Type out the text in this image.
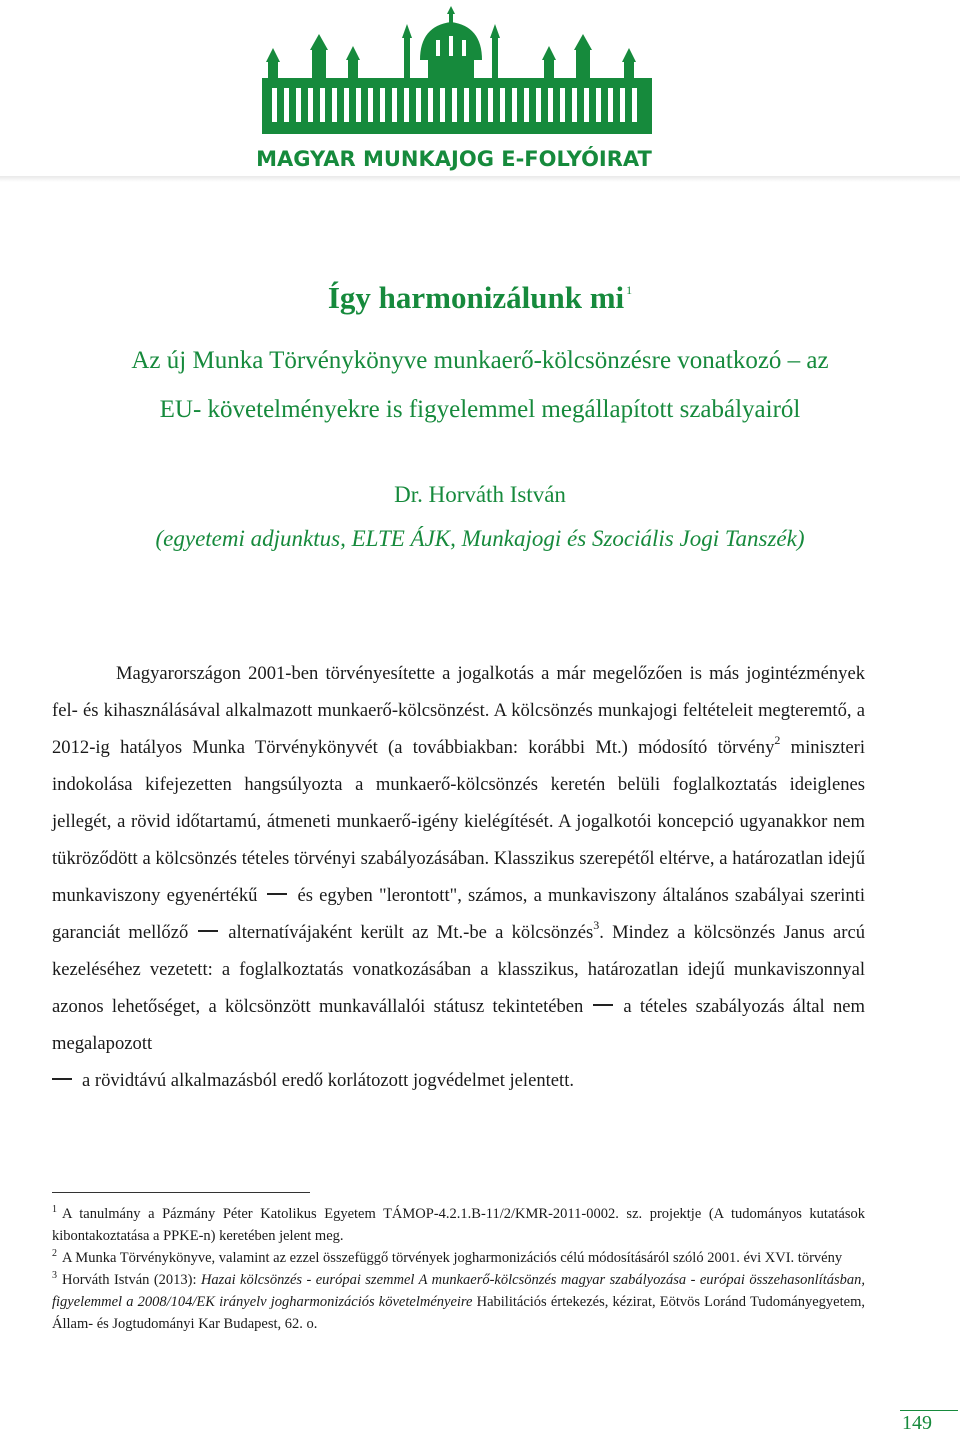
MAGYAR MUNKAJOG E-FOLYÓIRAT
Így harmonizálunk mi $^1$
Az új Munka Törvénykönyve munkaerő-kölcsönzésre vonatkozó – az
EU- követelményekre is figyelemmel megállapított szabályairól
Dr. Horváth István
(egyetemi adjunktus, ELTE ÁJK, Munkajogi és Szociális Jogi Tanszék)

Magyarországon 2001-ben törvényesítette a jogalkotás a már megelőzően is más jogintézmények fel- és kihasználásával alkalmazott munkaerő-kölcsönzést. A kölcsönzés munkajogi feltételeit megteremtő, a 2012-ig hatályos Munka Törvénykönyvét (a továbbiakban: korábbi Mt.) módosító törvény$^2$ miniszteri indokolása kifejezetten hangsúlyozta a munkaerő-kölcsönzés keretén belüli foglalkoztatás ideiglenes jellegét, a rövid időtartamú, átmeneti munkaerő-igény kielégítését. A jogalkotói koncepció ugyanakkor nem tükröződött a kölcsönzés tételes törvényi szabályozásában. Klasszikus szerepétől eltérve, a határozatlan idejű munkaviszony egyenértékű és egyben "lerontott", számos, a munkaviszony általános szabályai szerinti garanciát mellőző alternatívájaként került az Mt.-be a kölcsönzés$^3$. Mindez a kölcsönzés Janus arcú kezeléséhez vezetett: a foglalkoztatás vonatkozásában a klasszikus, határozatlan idejű munkaviszonnyal azonos lehetőséget, a kölcsönzött munkavállalói státusz tekintetében a tételes szabályozás által nem megalapozott
a rövidtávú alkalmazásból eredő korlátozott jogvédelmet jelentett.

$^1$ A tanulmány a Pázmány Péter Katolikus Egyetem TÁMOP-4.2.1.B-11/2/KMR-2011-0002. sz. projektje (A tudományos kutatások kibontakoztatása a PPKE-n) keretében jelent meg.

$^2$ A Munka Törvénykönyve, valamint az ezzel összefüggő törvények jogharmonizációs célú módosításáról szóló 2001. évi XVI. törvény

$^3$ Horváth István (2013): Hazai kölcsönzés - európai szemmel A munkaerő-kölcsönzés magyar szabályozása - európai összehasonlításban, figyelemmel a 2008/104/EK irányelv jogharmonizációs követelményeire Habilitációs értekezés, kézirat, Eötvös Loránd Tudományegyetem, Állam- és Jogtudományi Kar Budapest, 62. o.

149
